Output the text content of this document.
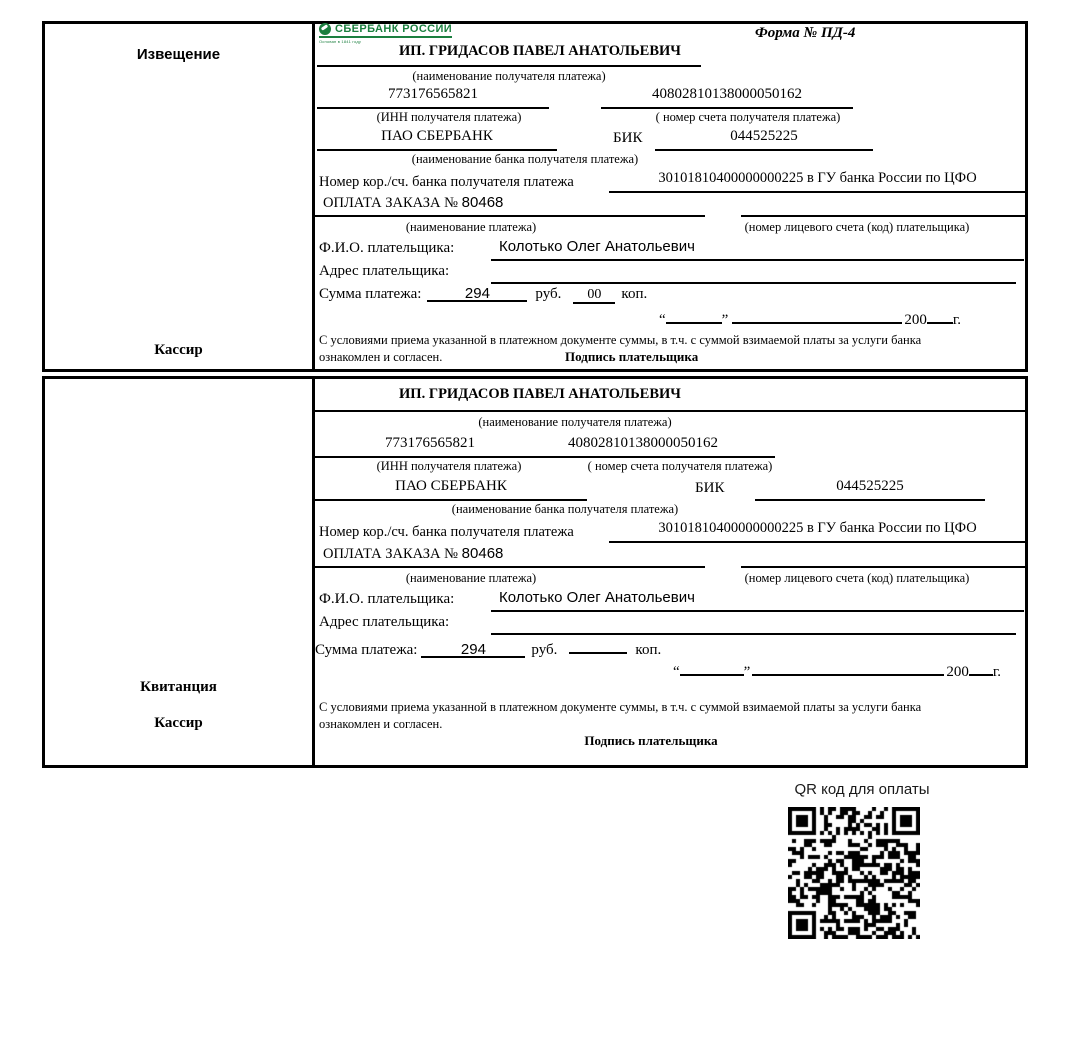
Извещение
Кассир
СБЕРБАНК РОССИИ
Основан в 1841 году
Форма № ПД-4
ИП. ГРИДАСОВ ПАВЕЛ АНАТОЛЬЕВИЧ
(наименование получателя платежа)
773176565821	40802810138000050162
(ИНН получателя платежа)	( номер счета получателя платежа)
ПАО СБЕРБАНК	БИК	044525225
(наименование банка получателя платежа)
Номер кор./сч. банка получателя платежа	30101810400000000225 в ГУ банка России по ЦФО
ОПЛАТА ЗАКАЗА № 80468
(наименование платежа)	(номер лицевого счета (код) плательщика)
Ф.И.О. плательщика:	Колотько Олег Анатольевич
Адрес плательщика:
Сумма платежа:	294	руб. 00 коп.
“	”	200 г.
С условиями приема указанной в платежном документе суммы, в т.ч. с суммой взимаемой платы за услуги банка
ознакомлен и согласен.	Подпись плательщика
Квитанция
Кассир
ИП. ГРИДАСОВ ПАВЕЛ АНАТОЛЬЕВИЧ
(наименование получателя платежа)
773176565821	40802810138000050162
(ИНН получателя платежа)	( номер счета получателя платежа)
ПАО СБЕРБАНК	БИК	044525225
(наименование банка получателя платежа)
Номер кор./сч. банка получателя платежа	30101810400000000225 в ГУ банка России по ЦФО
ОПЛАТА ЗАКАЗА № 80468
(наименование платежа)	(номер лицевого счета (код) плательщика)
Ф.И.О. плательщика:	Колотько Олег Анатольевич
Адрес плательщика:
Сумма платежа:	294	руб.	коп.
“	”	200 г.
С условиями приема указанной в платежном документе суммы, в т.ч. с суммой взимаемой платы за услуги банка
ознакомлен и согласен.
Подпись плательщика
QR код для оплаты
